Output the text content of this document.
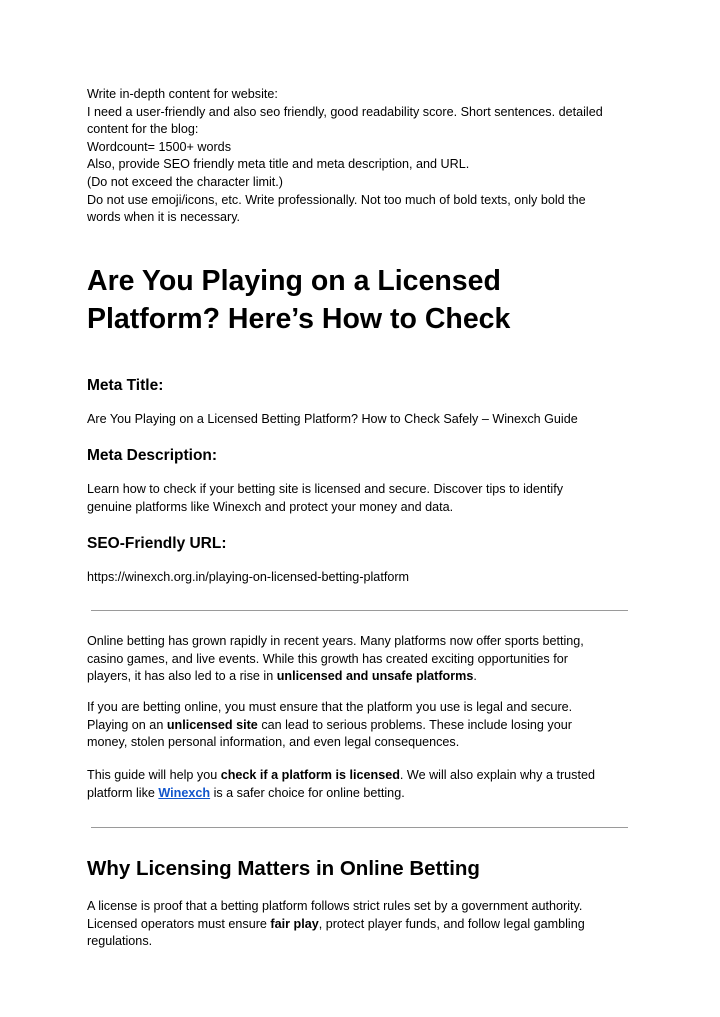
Write in-depth content for website:
I need a user-friendly and also seo friendly, good readability score. Short sentences. detailed
content for the blog:
Wordcount= 1500+ words
Also, provide SEO friendly meta title and meta description, and URL.
(Do not exceed the character limit.)
Do not use emoji/icons, etc. Write professionally. Not too much of bold texts, only bold the
words when it is necessary.
Are You Playing on a Licensed
Platform? Here’s How to Check
Meta Title:

Are You Playing on a Licensed Betting Platform? How to Check Safely – Winexch Guide

Meta Description:

Learn how to check if your betting site is licensed and secure. Discover tips to identify
genuine platforms like Winexch and protect your money and data.

SEO-Friendly URL:

https://winexch.org.in/playing-on-licensed-betting-platform

Online betting has grown rapidly in recent years. Many platforms now offer sports betting,
casino games, and live events. While this growth has created exciting opportunities for
players, it has also led to a rise in unlicensed and unsafe platforms.

If you are betting online, you must ensure that the platform you use is legal and secure.
Playing on an unlicensed site can lead to serious problems. These include losing your
money, stolen personal information, and even legal consequences.

This guide will help you check if a platform is licensed. We will also explain why a trusted
platform like Winexch is a safer choice for online betting.

Why Licensing Matters in Online Betting

A license is proof that a betting platform follows strict rules set by a government authority.
Licensed operators must ensure fair play, protect player funds, and follow legal gambling
regulations.
